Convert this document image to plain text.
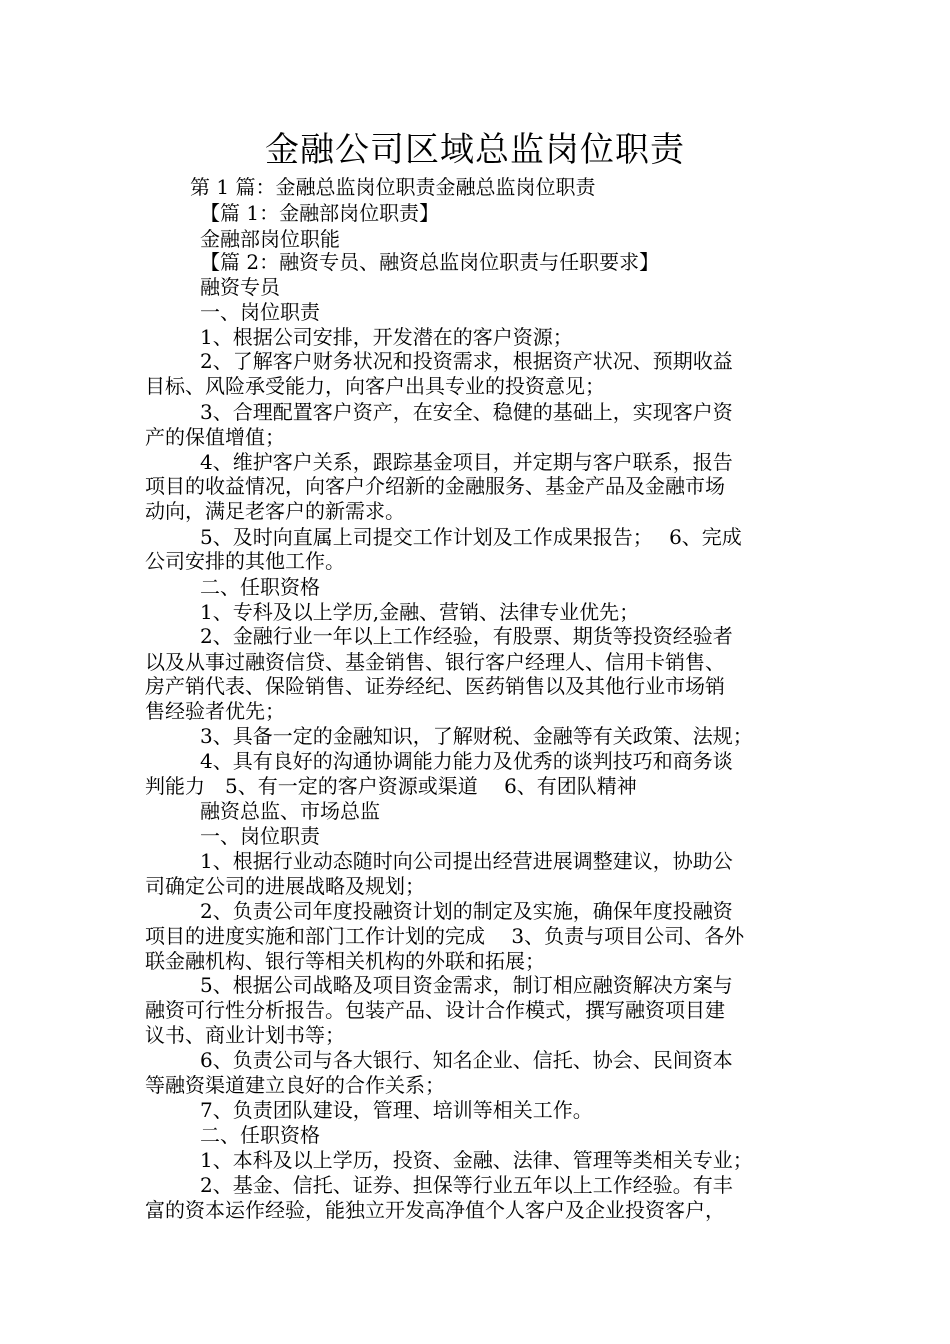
金融公司区域总监岗位职责
第 1 篇：金融总监岗位职责金融总监岗位职责
【篇 1：金融部岗位职责】
金融部岗位职能
【篇 2：融资专员、融资总监岗位职责与任职要求】
融资专员
一、岗位职责
1、根据公司安排，开发潜在的客户资源；
2、了解客户财务状况和投资需求，根据资产状况、预期收益
目标、风险承受能力，向客户出具专业的投资意见；
3、合理配置客户资产，在安全、稳健的基础上，实现客户资
产的保值增值；
4、维护客户关系，跟踪基金项目，并定期与客户联系，报告
项目的收益情况，向客户介绍新的金融服务、基金产品及金融市场
动向，满足老客户的新需求。
5、及时向直属上司提交工作计划及工作成果报告；　 6、完成
公司安排的其他工作。
二、任职资格
1、专科及以上学历,金融、营销、法律专业优先；
2、金融行业一年以上工作经验，有股票、期货等投资经验者
以及从事过融资信贷、基金销售、银行客户经理人、信用卡销售、
房产销代表、保险销售、证券经纪、医药销售以及其他行业市场销
售经验者优先；
3、具备一定的金融知识，了解财税、金融等有关政策、法规；
4、具有良好的沟通协调能力能力及优秀的谈判技巧和商务谈
判能力　5、有一定的客户资源或渠道　 6、有团队精神
融资总监、市场总监
一、岗位职责
1、根据行业动态随时向公司提出经营进展调整建议，协助公
司确定公司的进展战略及规划；
2、负责公司年度投融资计划的制定及实施，确保年度投融资
项目的进度实施和部门工作计划的完成　 3、负责与项目公司、各外
联金融机构、银行等相关机构的外联和拓展；
5、根据公司战略及项目资金需求，制订相应融资解决方案与
融资可行性分析报告。包装产品、设计合作模式，撰写融资项目建
议书、商业计划书等；
6、负责公司与各大银行、知名企业、信托、协会、民间资本
等融资渠道建立良好的合作关系；
7、负责团队建设，管理、培训等相关工作。
二、任职资格
1、本科及以上学历，投资、金融、法律、管理等类相关专业；
2、基金、信托、证券、担保等行业五年以上工作经验。有丰
富的资本运作经验，能独立开发高净值个人客户及企业投资客户，
